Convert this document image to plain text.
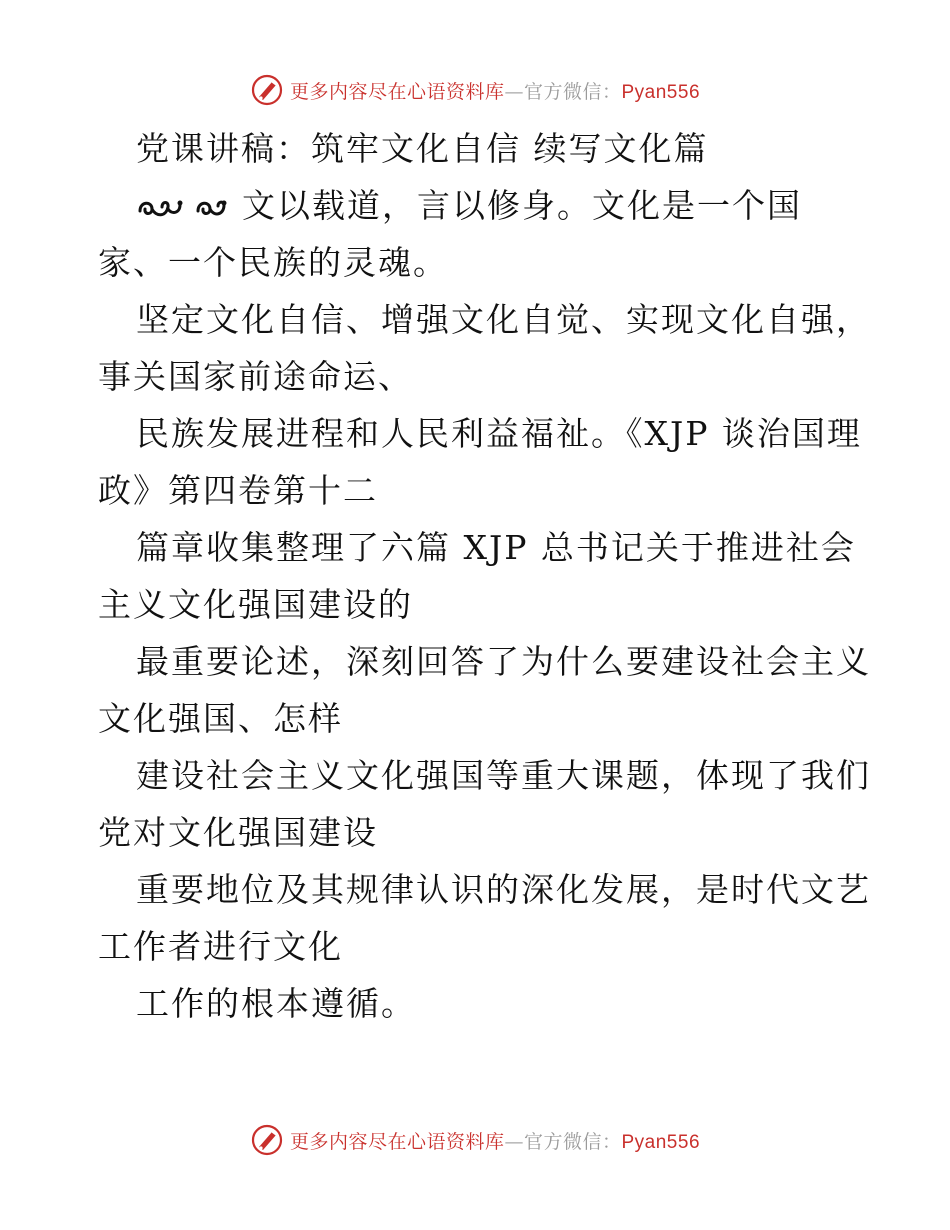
更多内容尽在心语资料库—官方微信：Pyan556
党课讲稿：筑牢文化自信 续写文化篇
文以载道，言以修身。文化是一个国
家、一个民族的灵魂。
坚定文化自信、增强文化自觉、实现文化自强，
事关国家前途命运、
民族发展进程和人民利益福祉。《XJP 谈治国理
政》第四卷第十二
篇章收集整理了六篇 XJP 总书记关于推进社会
主义文化强国建设的
最重要论述，深刻回答了为什么要建设社会主义
文化强国、怎样
建设社会主义文化强国等重大课题，体现了我们
党对文化强国建设
重要地位及其规律认识的深化发展，是时代文艺
工作者进行文化
工作的根本遵循。
更多内容尽在心语资料库—官方微信：Pyan556
